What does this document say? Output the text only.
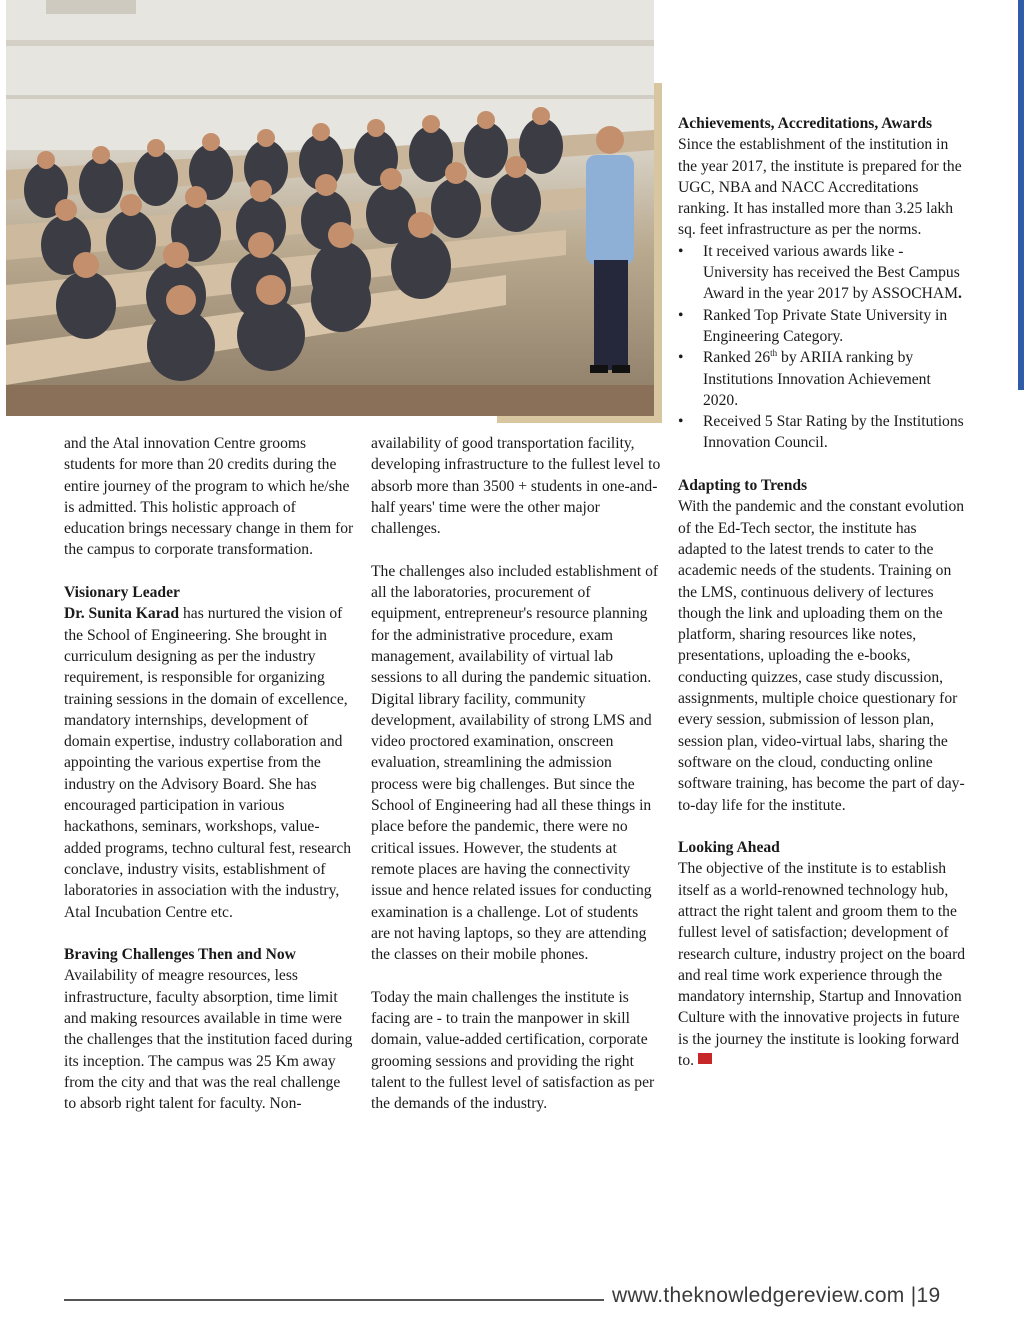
and the Atal innovation Centre grooms students for more than 20 credits during the entire journey of the program to which he/she is admitted. This holistic approach of education brings necessary change in them for the campus to corporate transformation.

Visionary Leader

Dr. Sunita Karad has nurtured the vision of the School of Engineering. She brought in curriculum designing as per the industry requirement, is responsible for organizing training sessions in the domain of excellence, mandatory internships, development of domain expertise, industry collaboration and appointing the various expertise from the industry on the Advisory Board. She has encouraged participation in various hackathons, seminars, workshops, value-added programs, techno cultural fest, research conclave, industry visits, establishment of laboratories in association with the industry, Atal Incubation Centre etc.

Braving Challenges Then and Now

Availability of meagre resources, less infrastructure, faculty absorption, time limit and making resources available in time were the challenges that the institution faced during its inception. The campus was 25 Km away from the city and that was the real challenge to absorb right talent for faculty. Non-

availability of good transportation facility, developing infrastructure to the fullest level to absorb more than 3500 + students in one-and-half years' time were the other major challenges.

The challenges also included establishment of all the laboratories, procurement of equipment, entrepreneur's resource planning for the administrative procedure, exam management, availability of virtual lab sessions to all during the pandemic situation. Digital library facility, community development, availability of strong LMS and video proctored examination, onscreen evaluation, streamlining the admission process were big challenges. But since the School of Engineering had all these things in place before the pandemic, there were no critical issues. However, the students at remote places are having the connectivity issue and hence related issues for conducting examination is a challenge. Lot of students are not having laptops, so they are attending the classes on their mobile phones.

Today the main challenges the institute is facing are - to train the manpower in skill domain, value-added certification, corporate grooming sessions and providing the right talent to the fullest level of satisfaction as per the demands of the industry.

Achievements, Accreditations, Awards

Since the establishment of the institution in the year 2017, the institute is prepared for the UGC, NBA and NACC Accreditations ranking. It has installed more than 3.25 lakh sq. feet infrastructure as per the norms.

• It received various awards like - University has received the Best Campus Award in the year 2017 by ASSOCHAM.
• Ranked Top Private State University in Engineering Category.
• Ranked 26th by ARIIA ranking by Institutions Innovation Achievement 2020.
• Received 5 Star Rating by the Institutions Innovation Council.

Adapting to Trends

With the pandemic and the constant evolution of the Ed-Tech sector, the institute has adapted to the latest trends to cater to the academic needs of the students. Training on the LMS, continuous delivery of lectures though the link and uploading them on the platform, sharing resources like notes, presentations, uploading the e-books, conducting quizzes, case study discussion, assignments, multiple choice questionary for every session, submission of lesson plan, session plan, video-virtual labs, sharing the software on the cloud, conducting online software training, has become the part of day-to-day life for the institute.

Looking Ahead

The objective of the institute is to establish itself as a world-renowned technology hub, attract the right talent and groom them to the fullest level of satisfaction; development of research culture, industry project on the board and real time work experience through the mandatory internship, Startup and Innovation Culture with the innovative projects in future is the journey the institute is looking forward to.

www.theknowledgereview.com |19
